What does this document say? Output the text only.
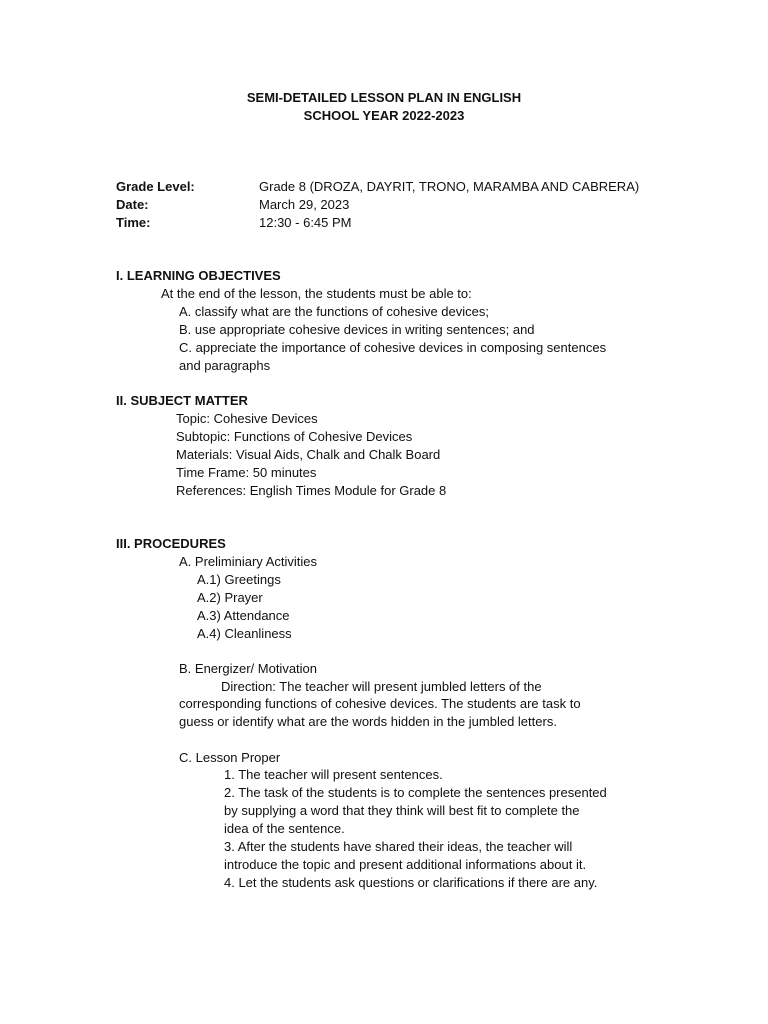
SEMI-DETAILED LESSON PLAN IN ENGLISH
SCHOOL YEAR 2022-2023
Grade Level:	Grade 8 (DROZA, DAYRIT, TRONO, MARAMBA AND CABRERA)
Date:	March 29, 2023
Time:	12:30 - 6:45 PM
I. LEARNING OBJECTIVES
At the end of the lesson, the students must be able to:
A. classify what are the functions of cohesive devices;
B. use appropriate cohesive devices in writing sentences; and
C. appreciate the importance of cohesive devices in composing sentences
and paragraphs
II. SUBJECT MATTER
Topic: Cohesive Devices
Subtopic: Functions of Cohesive Devices
Materials: Visual Aids, Chalk and Chalk Board
Time Frame: 50 minutes
References: English Times Module for Grade 8
III. PROCEDURES
A. Preliminiary Activities
A.1) Greetings
A.2) Prayer
A.3) Attendance
A.4) Cleanliness
B. Energizer/ Motivation
Direction: The teacher will present jumbled letters of the
corresponding functions of cohesive devices. The students are task to
guess or identify what are the words hidden in the jumbled letters.
C. Lesson Proper
1. The teacher will present sentences.
2. The task of the students is to complete the sentences presented
by supplying a word that they think will best fit to complete the
idea of the sentence.
3. After the students have shared their ideas, the teacher will
introduce the topic and present additional informations about it.
4. Let the students ask questions or clarifications if there are any.
